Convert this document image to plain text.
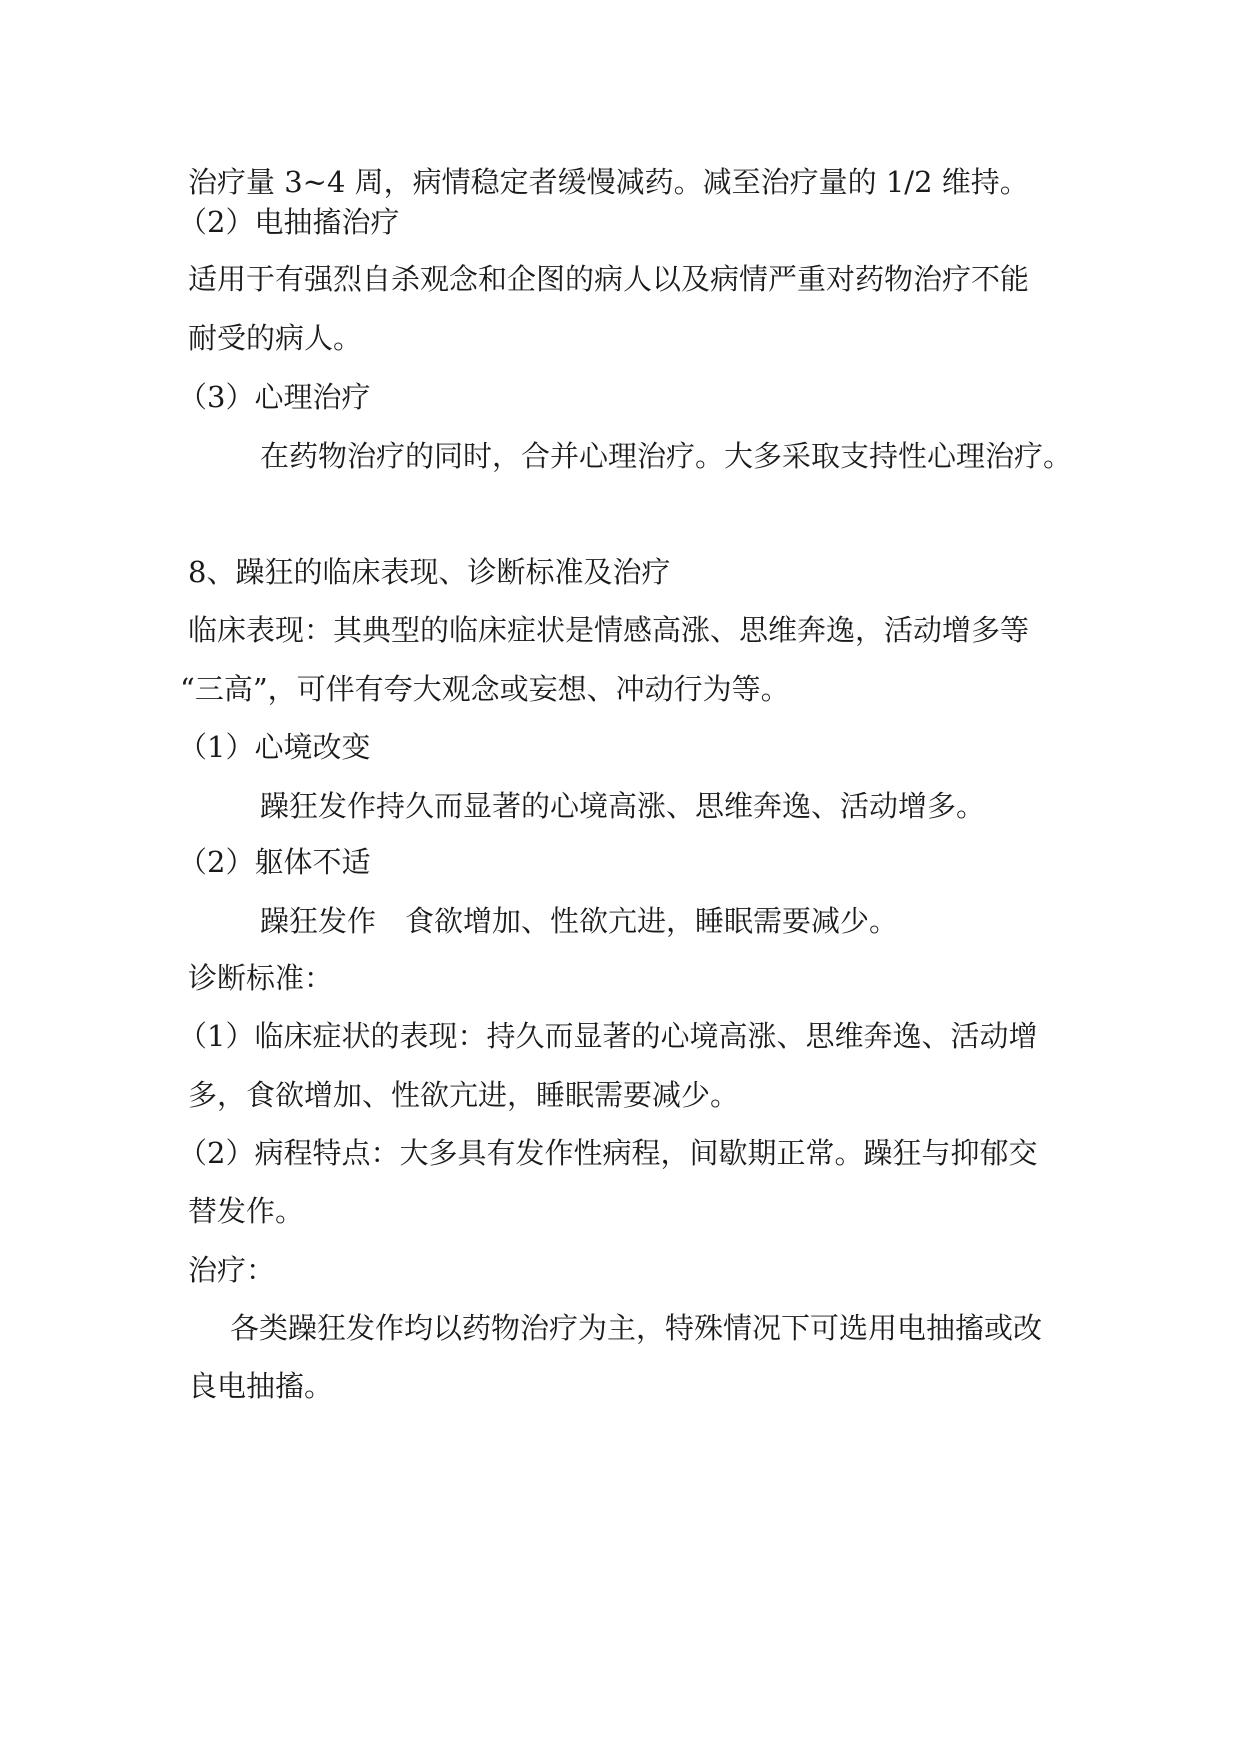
治疗量 3~4 周，病情稳定者缓慢减药。减至治疗量的 1/2 维持。

（2）电抽搐治疗

适用于有强烈自杀观念和企图的病人以及病情严重对药物治疗不能

耐受的病人。

（3）心理治疗

在药物治疗的同时，合并心理治疗。大多采取支持性心理治疗。

8、躁狂的临床表现、诊断标准及治疗

临床表现：其典型的临床症状是情感高涨、思维奔逸，活动增多等

“三高”，可伴有夸大观念或妄想、冲动行为等。

（1）心境改变

躁狂发作持久而显著的心境高涨、思维奔逸、活动增多。

（2）躯体不适

躁狂发作　食欲增加、性欲亢进，睡眠需要减少。

诊断标准：

（1）临床症状的表现：持久而显著的心境高涨、思维奔逸、活动增

多，食欲增加、性欲亢进，睡眠需要减少。

（2）病程特点：大多具有发作性病程，间歇期正常。躁狂与抑郁交

替发作。

治疗：

各类躁狂发作均以药物治疗为主，特殊情况下可选用电抽搐或改

良电抽搐。
